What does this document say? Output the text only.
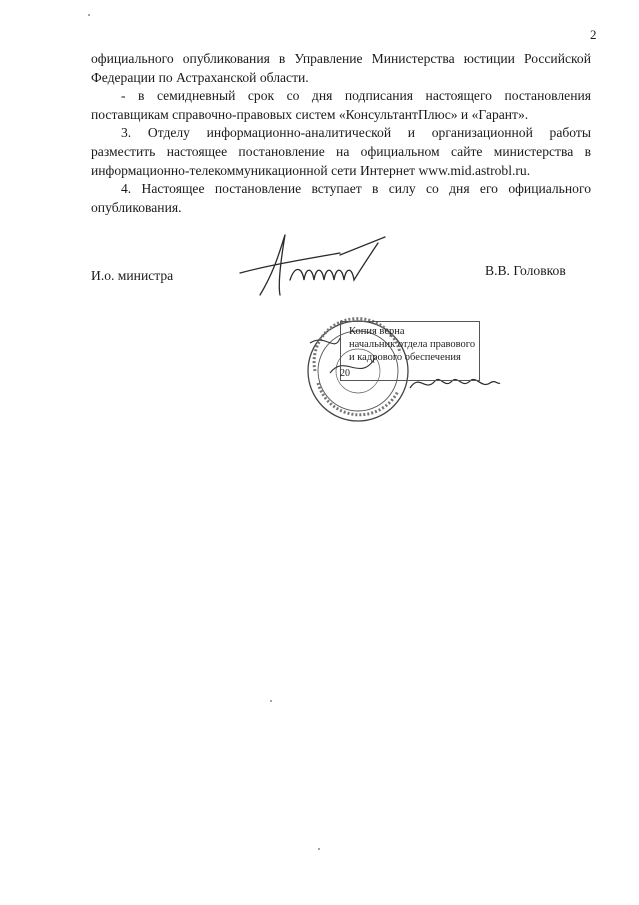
2

официального опубликования в Управление Министерства юстиции Российской Федерации по Астраханской области.

- в семидневный срок со дня подписания настоящего постановления поставщикам справочно-правовых систем «КонсультантПлюс» и «Гарант».

3. Отделу информационно-аналитической и организационной работы разместить настоящее постановление на официальном сайте министерства в информационно-телекоммуникационной сети Интернет www.mid.astrobl.ru.

4. Настоящее постановление вступает в силу со дня его официального опубликования.

И.о. министра	В.В. Головков
Копия верна
начальник отдела правового
и кадрового обеспечения
20
